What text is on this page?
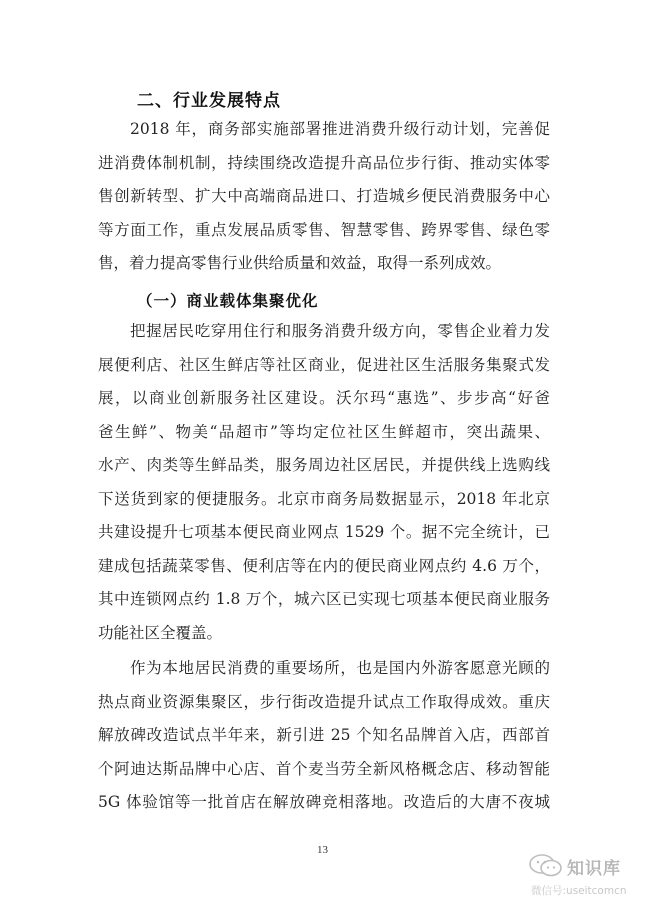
二、行业发展特点
2018 年，商务部实施部署推进消费升级行动计划，完善促
进消费体制机制，持续围绕改造提升高品位步行街、推动实体零
售创新转型、扩大中高端商品进口、打造城乡便民消费服务中心
等方面工作，重点发展品质零售、智慧零售、跨界零售、绿色零
售，着力提高零售行业供给质量和效益，取得一系列成效。
（一）商业载体集聚优化
把握居民吃穿用住行和服务消费升级方向，零售企业着力发
展便利店、社区生鲜店等社区商业，促进社区生活服务集聚式发
展，以商业创新服务社区建设。沃尔玛“惠选”、步步高“好爸
爸生鲜”、物美“品超市”等均定位社区生鲜超市，突出蔬果、
水产、肉类等生鲜品类，服务周边社区居民，并提供线上选购线
下送货到家的便捷服务。北京市商务局数据显示，2018 年北京
共建设提升七项基本便民商业网点 1529 个。据不完全统计，已
建成包括蔬菜零售、便利店等在内的便民商业网点约 4.6 万个，
其中连锁网点约 1.8 万个，城六区已实现七项基本便民商业服务
功能社区全覆盖。
作为本地居民消费的重要场所，也是国内外游客愿意光顾的
热点商业资源集聚区，步行街改造提升试点工作取得成效。重庆
解放碑改造试点半年来，新引进 25 个知名品牌首入店，西部首
个阿迪达斯品牌中心店、首个麦当劳全新风格概念店、移动智能
5G 体验馆等一批首店在解放碑竞相落地。改造后的大唐不夜城
13
知识库
微信号:useitcomcn
